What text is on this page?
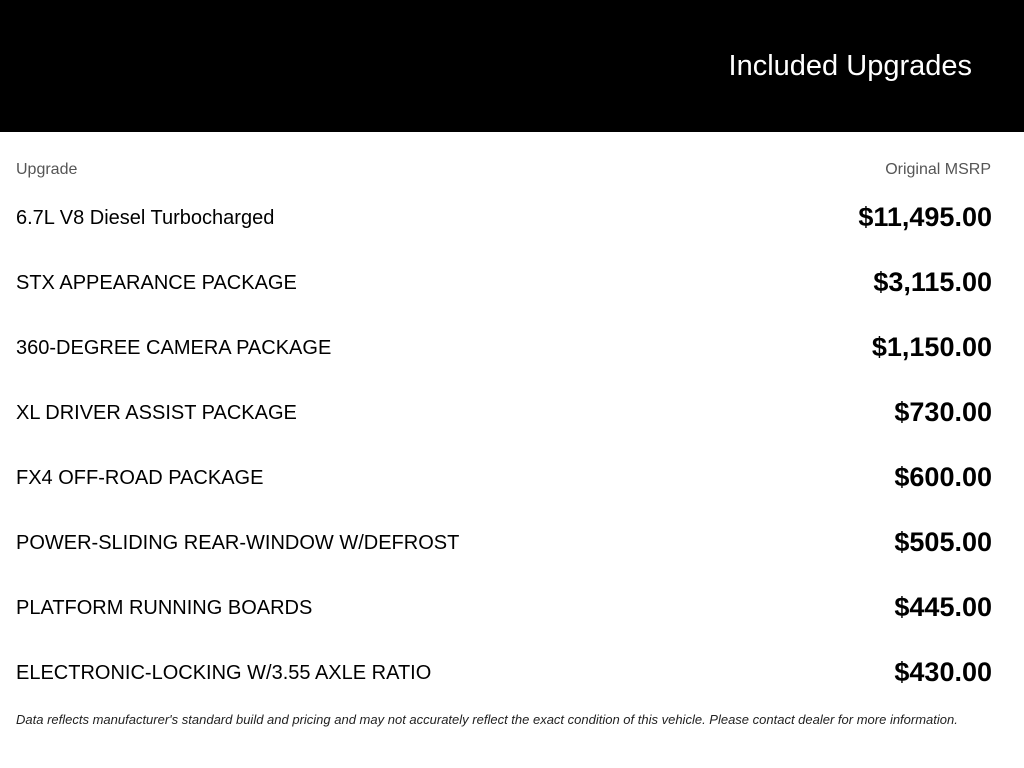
Included Upgrades
Upgrade	Original MSRP
6.7L V8 Diesel Turbocharged	$11,495.00
STX APPEARANCE PACKAGE	$3,115.00
360-DEGREE CAMERA PACKAGE	$1,150.00
XL DRIVER ASSIST PACKAGE	$730.00
FX4 OFF-ROAD PACKAGE	$600.00
POWER-SLIDING REAR-WINDOW W/DEFROST	$505.00
PLATFORM RUNNING BOARDS	$445.00
ELECTRONIC-LOCKING W/3.55 AXLE RATIO	$430.00
Data reflects manufacturer's standard build and pricing and may not accurately reflect the exact condition of this vehicle. Please contact dealer for more information.
